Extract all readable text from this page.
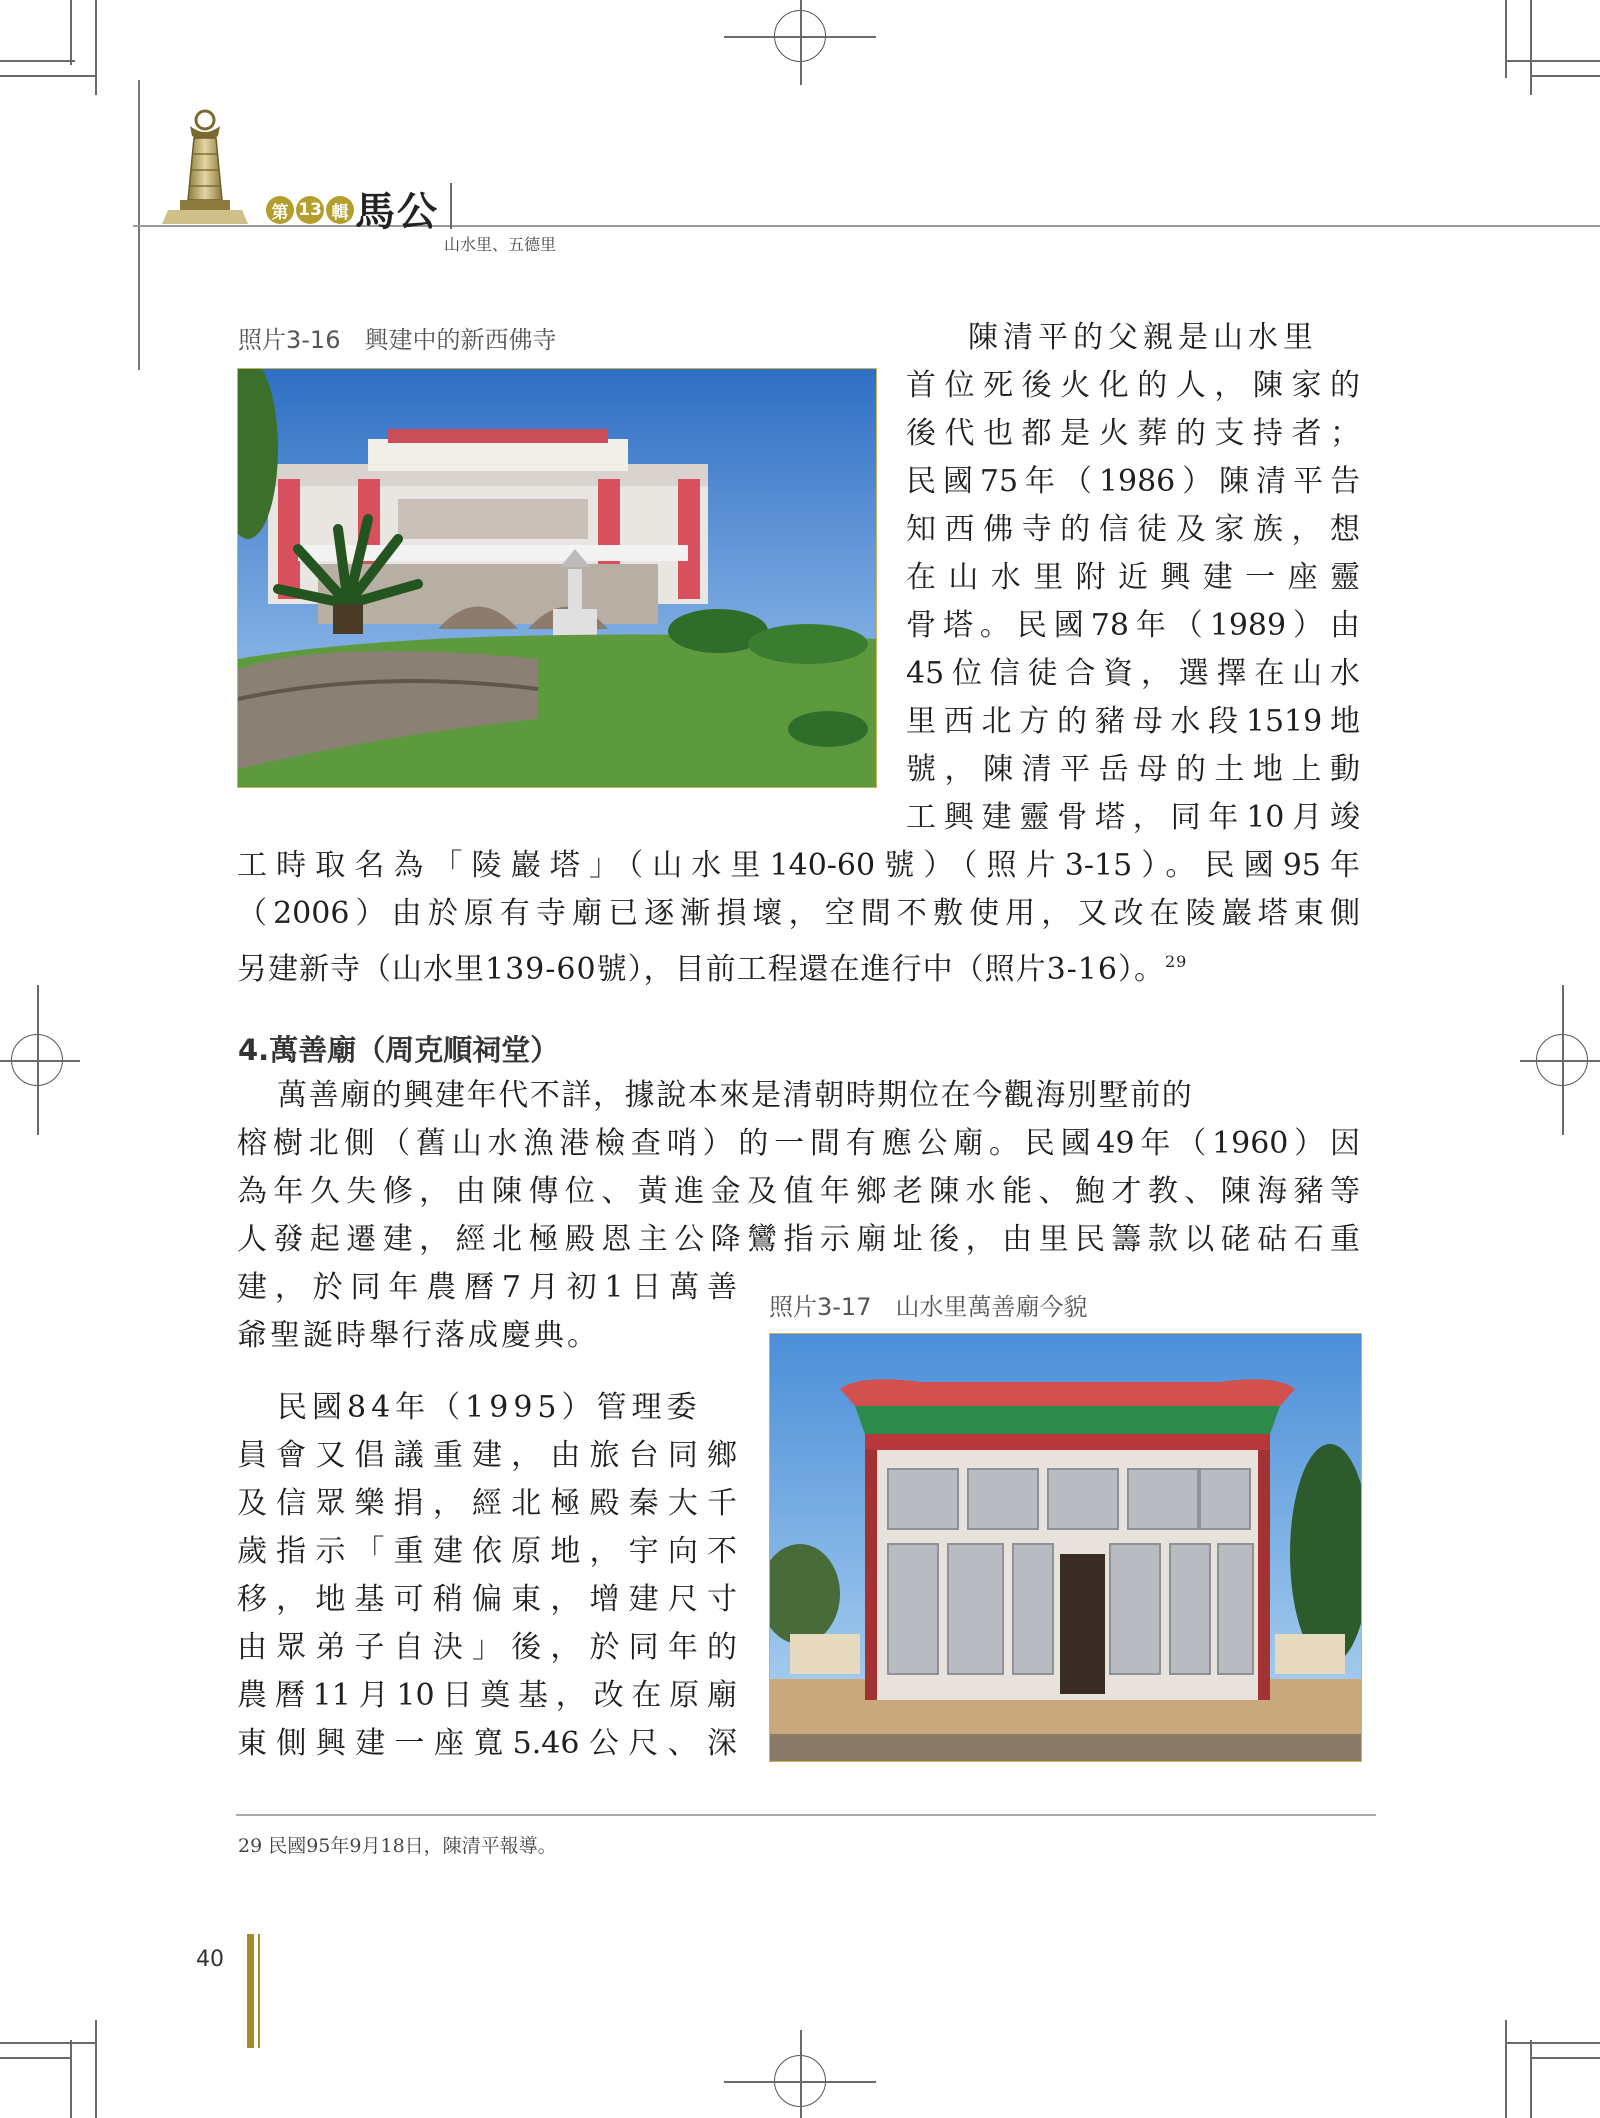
第 13 輯 馬公
山水里、五德里
照片3-16　興建中的新西佛寺	陳清平的父親是山水里
首位死後火化的人，陳家的
後代也都是火葬的支持者；
民國75年（1986）陳清平告
知西佛寺的信徒及家族，想
在山水里附近興建一座靈
骨塔。民國78年（1989）由
45位信徒合資，選擇在山水
里西北方的豬母水段1519地
號，陳清平岳母的土地上動
工興建靈骨塔，同年10月竣
工時取名為「陵巖塔」（山水里140-60號）（照片3-15）。民國95年
（2006）由於原有寺廟已逐漸損壞，空間不敷使用，又改在陵巖塔東側
另建新寺（山水里139-60號），目前工程還在進行中（照片3-16）。$^{29}$
4.萬善廟（周克順祠堂）
萬善廟的興建年代不詳，據說本來是清朝時期位在今觀海別墅前的
榕樹北側（舊山水漁港檢查哨）的一間有應公廟。民國49年（1960）因
為年久失修，由陳傳位、黃進金及值年鄉老陳水能、鮑才教、陳海豬等
人發起遷建，經北極殿恩主公降鸞指示廟址後，由里民籌款以硓𥑮石重
建，於同年農曆7月初1日萬善
爺聖誕時舉行落成慶典。
民國84年（1995）管理委
員會又倡議重建，由旅台同鄉
及信眾樂捐，經北極殿秦大千
歲指示「重建依原地，宇向不
移，地基可稍偏東，增建尺寸
由眾弟子自決」後，於同年的
農曆11月10日奠基，改在原廟
東側興建一座寬5.46公尺、深
照片3-17　山水里萬善廟今貌
29 民國95年9月18日，陳清平報導。
40
